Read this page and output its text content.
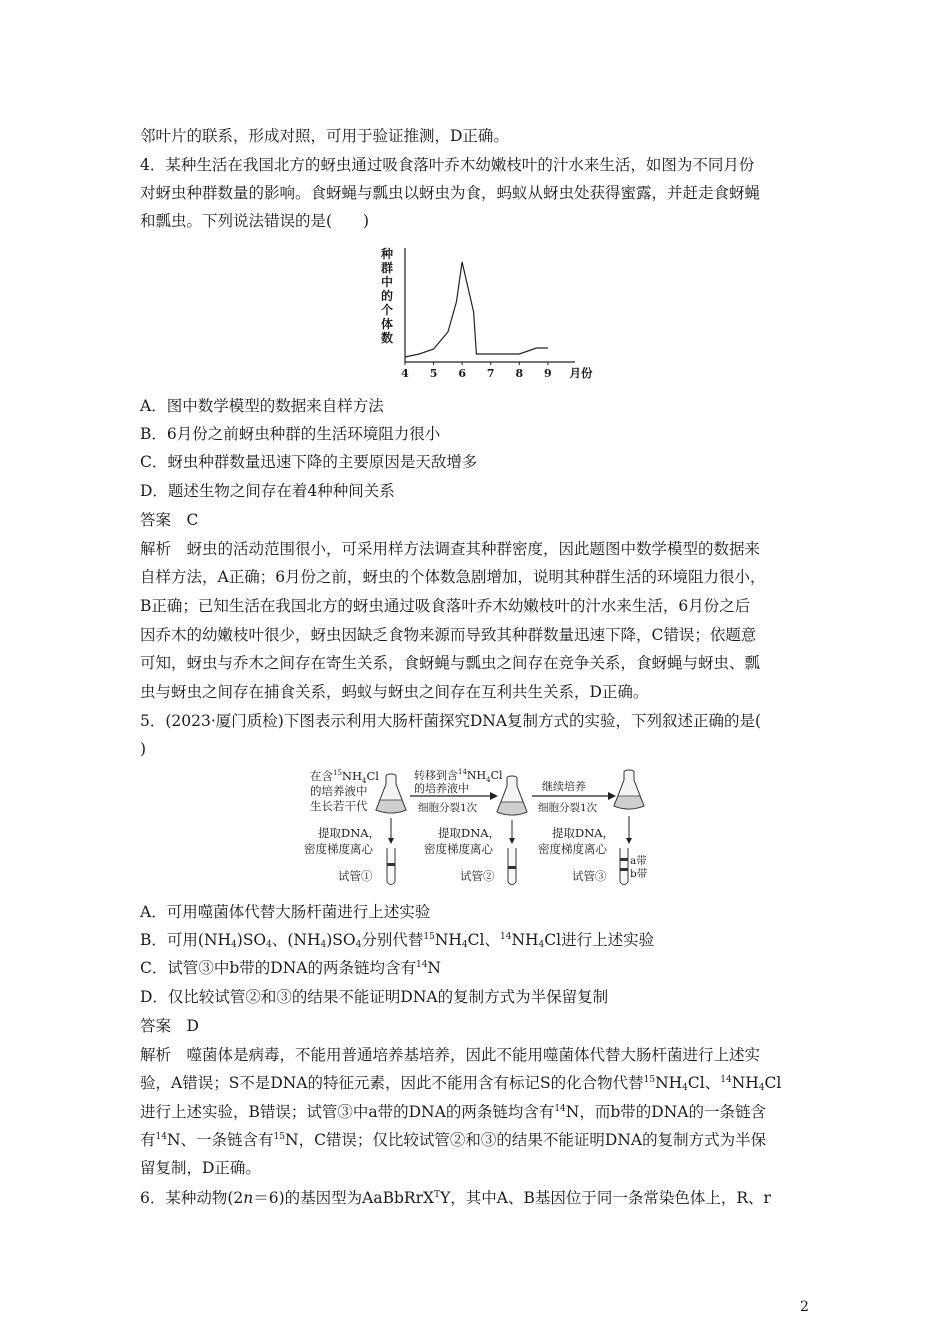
邻叶片的联系，形成对照，可用于验证推测，D正确。
4．某种生活在我国北方的蚜虫通过吸食落叶乔木幼嫩枝叶的汁水来生活，如图为不同月份
对蚜虫种群数量的影响。食蚜蝇与瓢虫以蚜虫为食，蚂蚁从蚜虫处获得蜜露，并赶走食蚜蝇
和瓢虫。下列说法错误的是(　　)
种
群
中
的
个
体
数
4 5 6 7 8 9 月份
A．图中数学模型的数据来自样方法
B．6月份之前蚜虫种群的生活环境阻力很小
C．蚜虫种群数量迅速下降的主要原因是天敌增多
D．题述生物之间存在着4种种间关系
答案　C
解析　蚜虫的活动范围很小，可采用样方法调查其种群密度，因此题图中数学模型的数据来
自样方法，A正确；6月份之前，蚜虫的个体数急剧增加，说明其种群生活的环境阻力很小，
B正确；已知生活在我国北方的蚜虫通过吸食落叶乔木幼嫩枝叶的汁水来生活，6月份之后
因乔木的幼嫩枝叶很少，蚜虫因缺乏食物来源而导致其种群数量迅速下降，C错误；依题意
可知，蚜虫与乔木之间存在寄生关系，食蚜蝇与瓢虫之间存在竞争关系，食蚜蝇与蚜虫、瓢
虫与蚜虫之间存在捕食关系，蚂蚁与蚜虫之间存在互利共生关系，D正确。
5．(2023·厦门质检)下图表示利用大肠杆菌探究DNA复制方式的实验，下列叙述正确的是(
)
在含$^{15}NH_4Cl$
的培养液中
生长若干代
转移到含$^{14}NH_4Cl$
的培养液中
细胞分裂1次
继续培养
细胞分裂1次
提取DNA，
密度梯度离心
提取DNA，
密度梯度离心
提取DNA，
密度梯度离心
试管①	试管②	试管③
a带
b带
A．可用噬菌体代替大肠杆菌进行上述实验
B．可用$(NH_4)SO_4$、$(NH_4)SO_4$分别代替$^{15}NH_4Cl$、$^{14}NH_4Cl$进行上述实验
C．试管③中b带的DNA的两条链均含有$^{14}$N
D．仅比较试管②和③的结果不能证明DNA的复制方式为半保留复制
答案　D
解析　噬菌体是病毒，不能用普通培养基培养，因此不能用噬菌体代替大肠杆菌进行上述实
验，A错误；S不是DNA的特征元素，因此不能用含有标记S的化合物代替$^{15}NH_4Cl$、$^{14}NH_4Cl$
进行上述实验，B错误；试管③中a带的DNA的两条链均含有$^{14}$N，而b带的DNA的一条链含
有$^{14}$N、一条链含有$^{15}$N，C错误；仅比较试管②和③的结果不能证明DNA的复制方式为半保
留复制，D正确。
6．某种动物(2n＝6)的基因型为AaBbRrX$^T$Y，其中A、B基因位于同一条常染色体上，R、r
2
